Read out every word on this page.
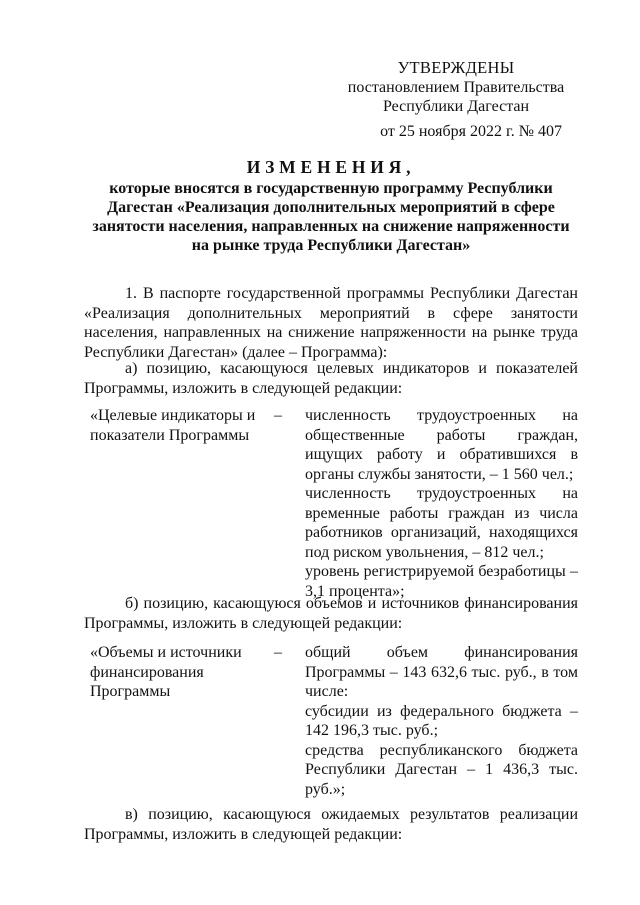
УТВЕРЖДЕНЫ
постановлением Правительства
Республики Дагестан
от 25 ноября 2022 г. № 407
ИЗМЕНЕНИЯ,
которые вносятся в государственную программу Республики Дагестан «Реализация дополнительных мероприятий в сфере занятости населения, направленных на снижение напряженности на рынке труда Республики Дагестан»
1. В паспорте государственной программы Республики Дагестан «Реализация дополнительных мероприятий в сфере занятости населения, направленных на снижение напряженности на рынке труда Республики Дагестан» (далее – Программа):
а) позицию, касающуюся целевых индикаторов и показателей Программы, изложить в следующей редакции:
«Целевые индикаторы и показатели Программы
– численность трудоустроенных на общественные работы граждан, ищущих работу и обратившихся в органы службы занятости, – 1 560 чел.;
численность трудоустроенных на временные работы граждан из числа работников организаций, находящихся под риском увольнения, – 812 чел.;
уровень регистрируемой безработицы – 3,1 процента»;
б) позицию, касающуюся объемов и источников финансирования Программы, изложить в следующей редакции:
«Объемы и источники финансирования Программы
– общий объем финансирования Программы – 143 632,6 тыс. руб., в том числе:
субсидии из федерального бюджета – 142 196,3 тыс. руб.;
средства республиканского бюджета Республики Дагестан – 1 436,3 тыс. руб.»;
в) позицию, касающуюся ожидаемых результатов реализации Программы, изложить в следующей редакции:
